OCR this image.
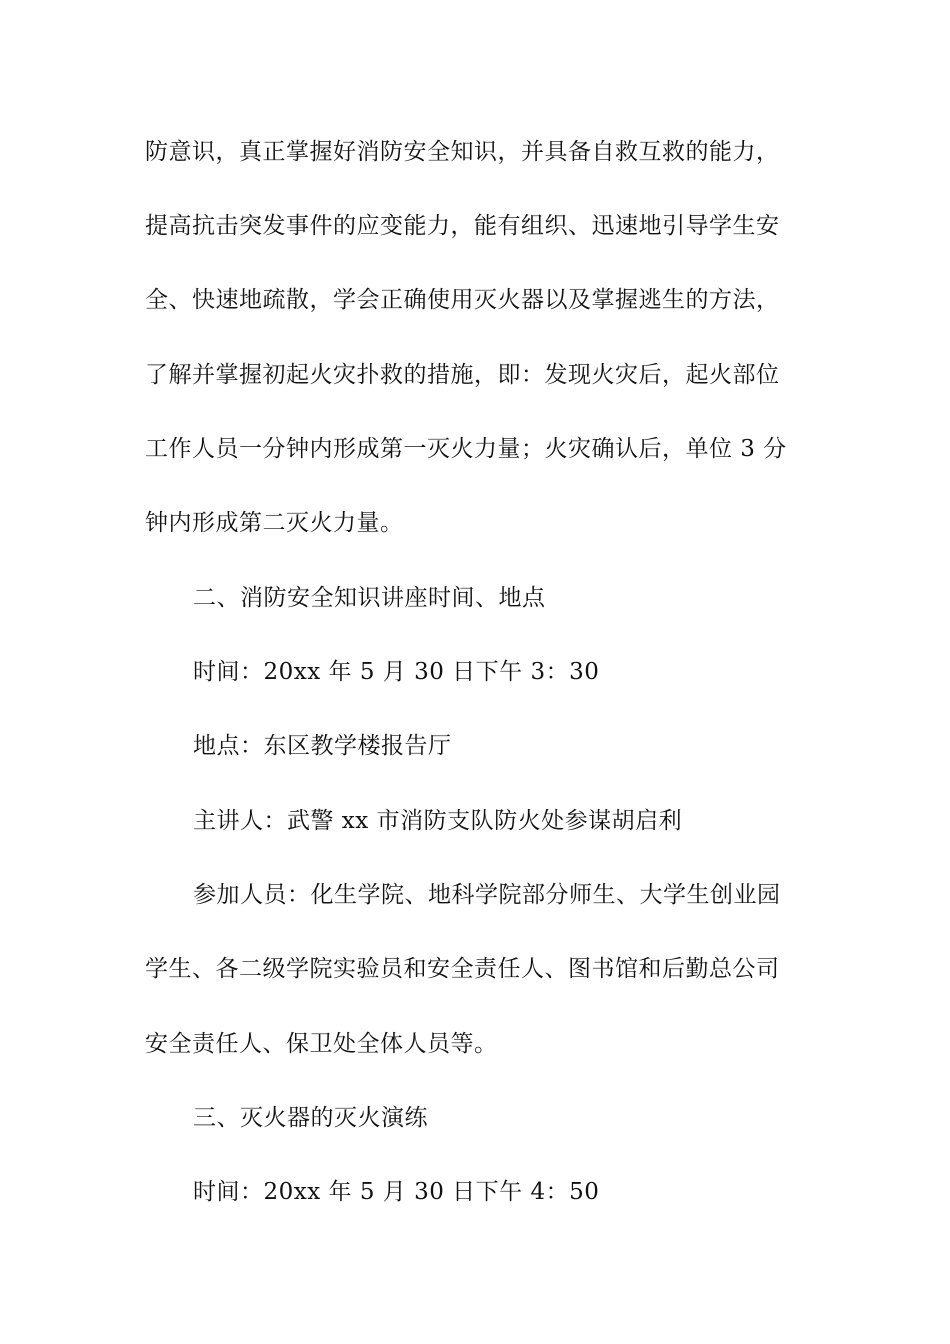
防意识，真正掌握好消防安全知识，并具备自救互救的能力，
提高抗击突发事件的应变能力，能有组织、迅速地引导学生安
全、快速地疏散，学会正确使用灭火器以及掌握逃生的方法，
了解并掌握初起火灾扑救的措施，即：发现火灾后，起火部位
工作人员一分钟内形成第一灭火力量；火灾确认后，单位 3 分
钟内形成第二灭火力量。
二、消防安全知识讲座时间、地点
时间：20xx 年 5 月 30 日下午 3：30
地点：东区教学楼报告厅
主讲人：武警 xx 市消防支队防火处参谋胡启利
参加人员：化生学院、地科学院部分师生、大学生创业园
学生、各二级学院实验员和安全责任人、图书馆和后勤总公司
安全责任人、保卫处全体人员等。
三、灭火器的灭火演练
时间：20xx 年 5 月 30 日下午 4：50
